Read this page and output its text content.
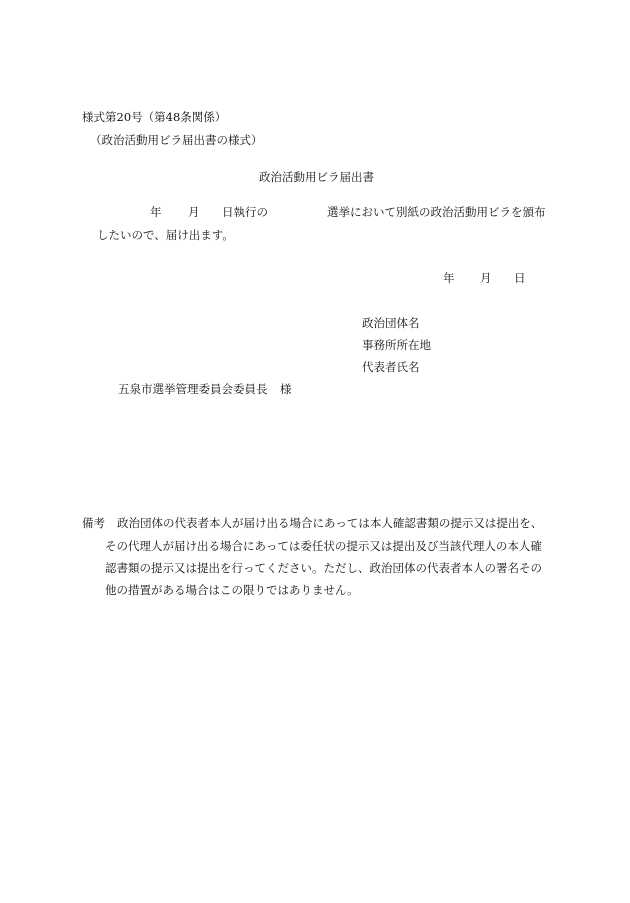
様式第20号（第48条関係）

（政治活動用ビラ届出書の様式）

政治活動用ビラ届出書

年 月 日執行の	選挙において別紙の政治活動用ビラを頒布

したいので、届け出ます。

年 月 日

政治団体名

事務所所在地

代表者氏名

五泉市選挙管理委員会委員長 様
備考 政治団体の代表者本人が届け出る場合にあっては本人確認書類の提示又は提出を、

その代理人が届け出る場合にあっては委任状の提示又は提出及び当該代理人の本人確

認書類の提示又は提出を行ってください。ただし、政治団体の代表者本人の署名その

他の措置がある場合はこの限りではありません。
